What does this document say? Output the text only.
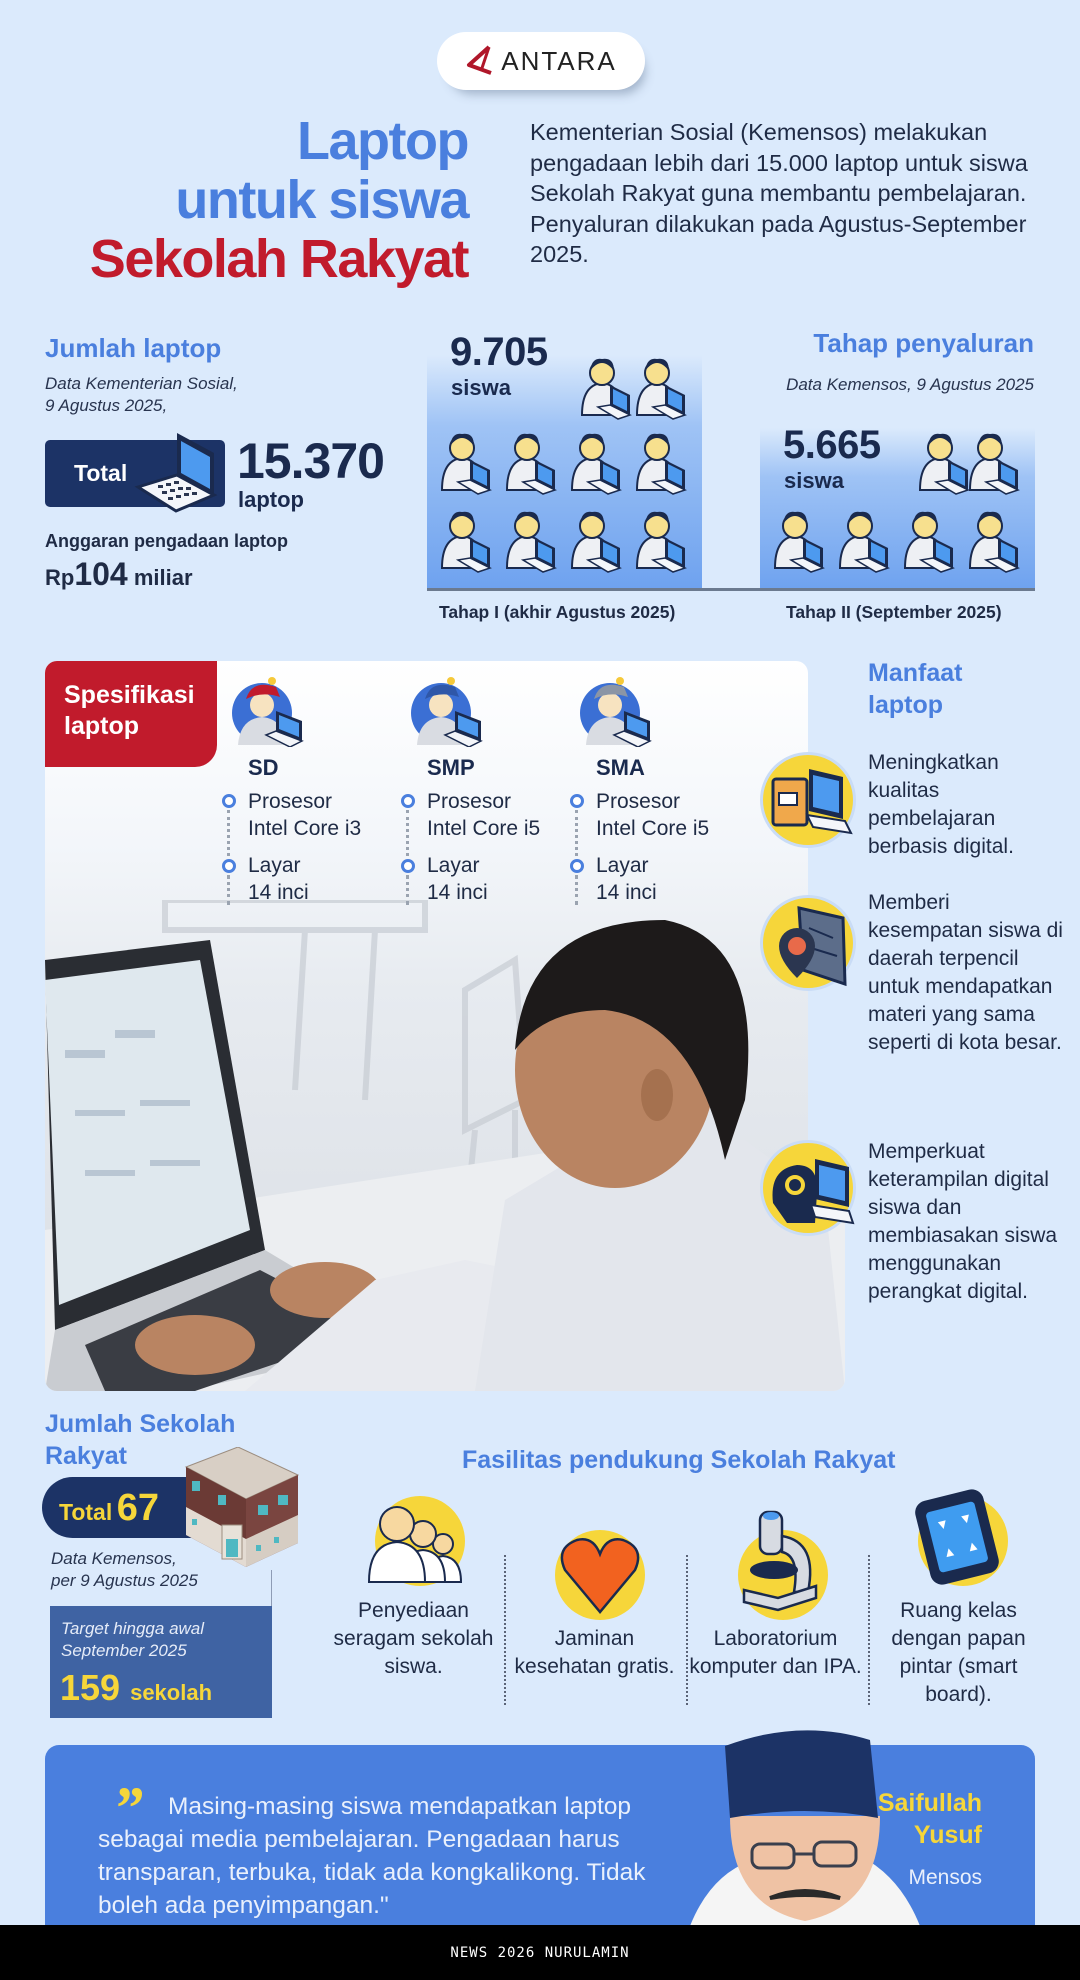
ANTARA
Laptop
untuk siswa
Sekolah Rakyat

Kementerian Sosial (Kemensos) melakukan pengadaan lebih dari 15.000 laptop untuk siswa Sekolah Rakyat guna membantu pembelajaran. Penyaluran dilakukan pada Agustus-September 2025.

Jumlah laptop
Data Kementerian Sosial,
9 Agustus 2025,
Total 15.370
laptop
Anggaran pengadaan laptop
Rp104 miliar
Tahap penyaluran
Data Kemensos, 9 Agustus 2025
9.705
siswa
5.665
siswa
Tahap I (akhir Agustus 2025)	Tahap II (September 2025)
Spesifikasi
laptop
SD
Prosesor
Intel Core i3
Layar
14 inci
SMP
Prosesor
Intel Core i5
Layar
14 inci
SMA
Prosesor
Intel Core i5
Layar
14 inci
Manfaat
laptop

Meningkatkan kualitas pembelajaran berbasis digital.

Memberi kesempatan siswa di daerah terpencil untuk mendapatkan materi yang sama seperti di kota besar.

Memperkuat keterampilan digital siswa dan membiasakan siswa menggunakan perangkat digital.

Jumlah Sekolah
Rakyat
Total 67
Data Kemensos,
per 9 Agustus 2025
Target hingga awal
September 2025
159 sekolah
Fasilitas pendukung Sekolah Rakyat
Penyediaan seragam sekolah siswa.
Jaminan kesehatan gratis.
Laboratorium komputer dan IPA.
Ruang kelas dengan papan pintar (smart board).
”	Masing-masing siswa mendapatkan laptop sebagai media pembelajaran. Pengadaan harus transparan, terbuka, tidak ada kongkalikong. Tidak boleh ada penyimpangan."

Saifullah
Yusuf
Mensos
NEWS 2026 NURULAMIN
